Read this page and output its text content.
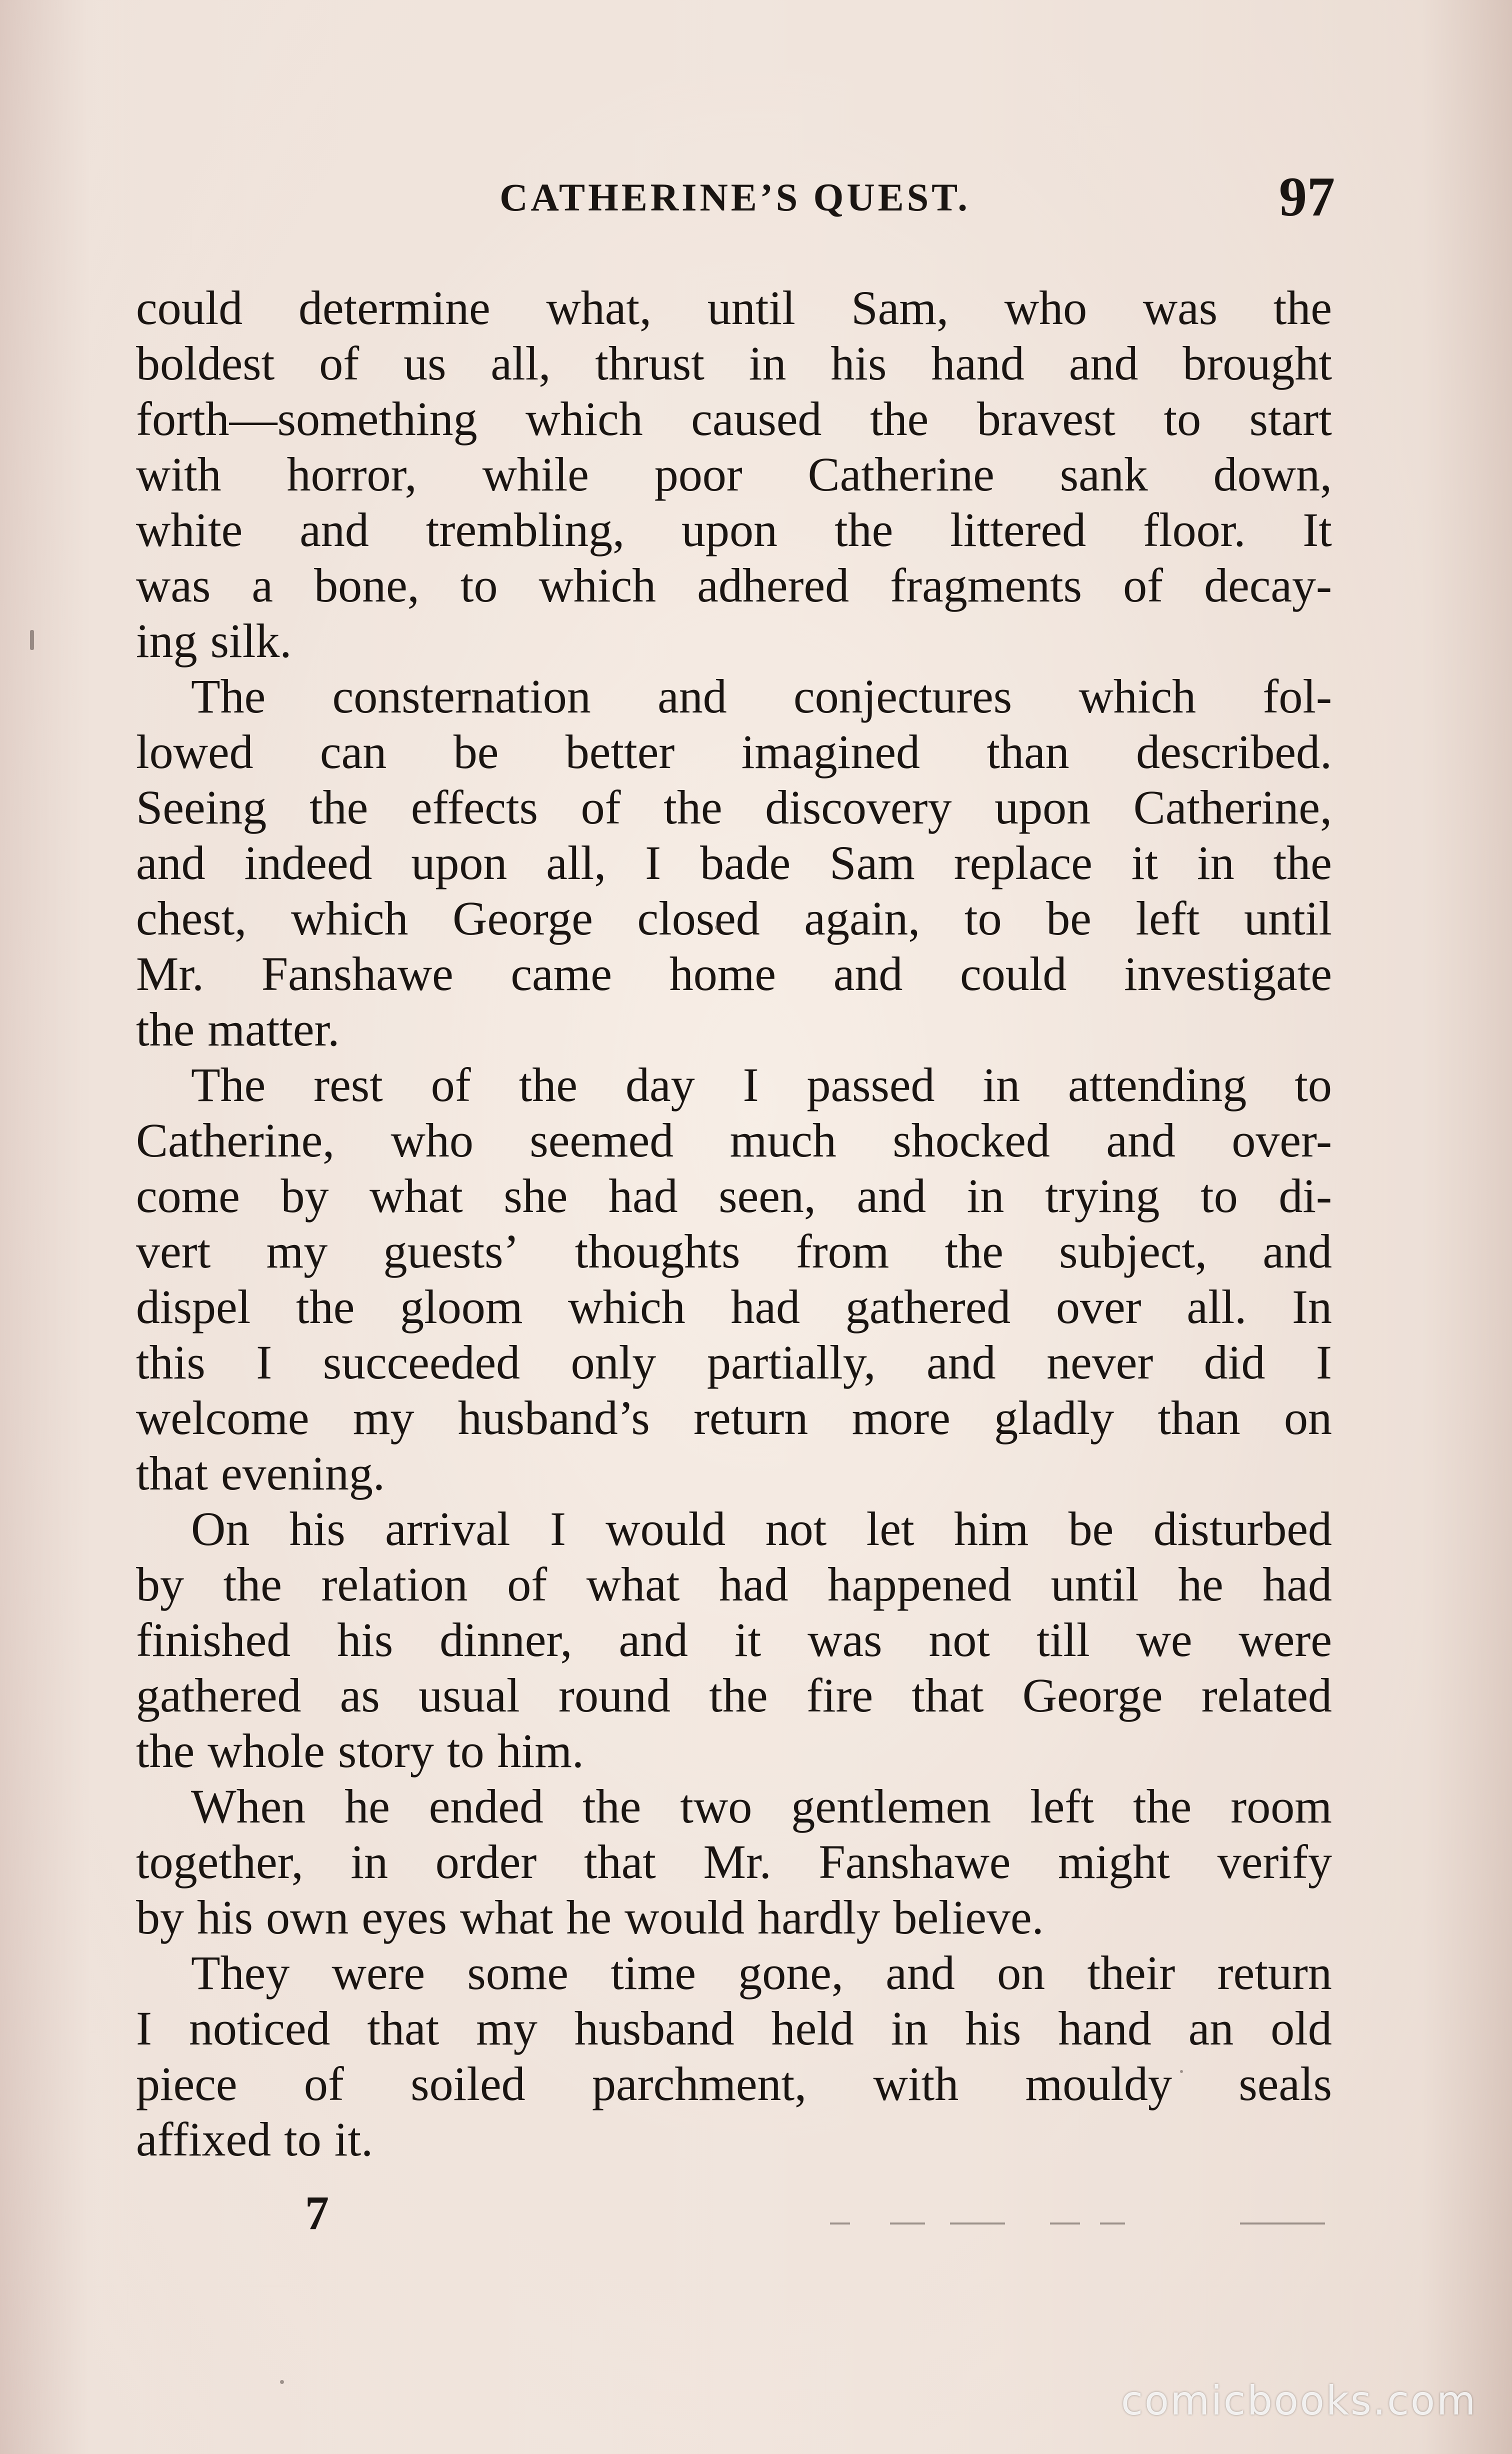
CATHERINE’S QUEST.	97
could determine what, until Sam, who was the
boldest of us all, thrust in his hand and brought
forth—something which caused the bravest to start
with horror, while poor Catherine sank down,
white and trembling, upon the littered floor. It
was a bone, to which adhered fragments of decay-
ing silk.
The consternation and conjectures which fol-
lowed can be better imagined than described.
Seeing the effects of the discovery upon Catherine,
and indeed upon all, I bade Sam replace it in the
chest, which George closed again, to be left until
Mr. Fanshawe came home and could investigate
the matter.
The rest of the day I passed in attending to
Catherine, who seemed much shocked and over-
come by what she had seen, and in trying to di-
vert my guests’ thoughts from the subject, and
dispel the gloom which had gathered over all. In
this I succeeded only partially, and never did I
welcome my husband’s return more gladly than on
that evening.
On his arrival I would not let him be disturbed
by the relation of what had happened until he had
finished his dinner, and it was not till we were
gathered as usual round the fire that George related
the whole story to him.
When he ended the two gentlemen left the room
together, in order that Mr. Fanshawe might verify
by his own eyes what he would hardly believe.
They were some time gone, and on their return
I noticed that my husband held in his hand an old
piece of soiled parchment, with mouldy seals
affixed to it.
7
comicbooks.com
